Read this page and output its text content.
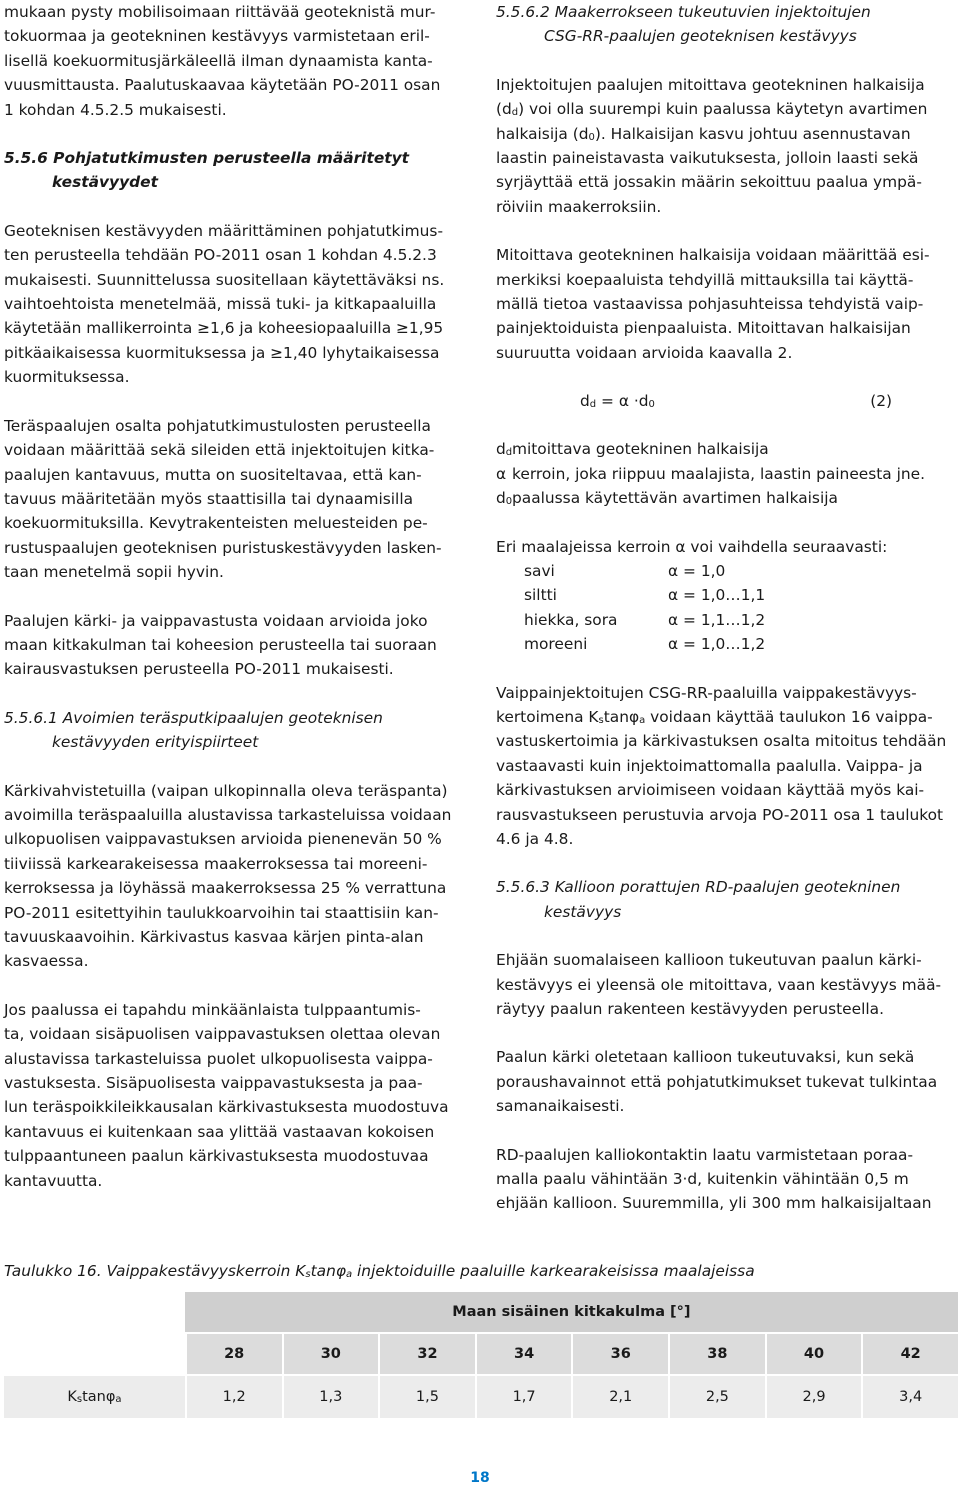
mukaan pysty mobilisoimaan riittävää geoteknistä mur-

tokuormaa ja geotekninen kestävyys varmistetaan eril-

lisellä koekuormitusjärkäleellä ilman dynaamista kanta-

vuusmittausta. Paalutuskaavaa käytetään PO-2011 osan

1 kohdan 4.5.2.5 mukaisesti.

5.5.6 Pohjatutkimusten perusteella määritetyt

kestävyydet

Geoteknisen kestävyyden määrittäminen pohjatutkimus-

ten perusteella tehdään PO-2011 osan 1 kohdan 4.5.2.3

mukaisesti. Suunnittelussa suositellaan käytettäväksi ns.

vaihtoehtoista menetelmää, missä tuki- ja kitkapaaluilla

käytetään mallikerrointa ≥1,6 ja koheesiopaaluilla ≥1,95

pitkäaikaisessa kuormituksessa ja ≥1,40 lyhytaikaisessa

kuormituksessa.

Teräspaalujen osalta pohjatutkimustulosten perusteella

voidaan määrittää sekä sileiden että injektoitujen kitka-

paalujen kantavuus, mutta on suositeltavaa, että kan-

tavuus määritetään myös staattisilla tai dynaamisilla

koekuormituksilla. Kevytrakenteisten meluesteiden pe-

rustuspaalujen geoteknisen puristuskestävyyden lasken-

taan menetelmä sopii hyvin.

Paalujen kärki- ja vaippavastusta voidaan arvioida joko

maan kitkakulman tai koheesion perusteella tai suoraan

kairausvastuksen perusteella PO-2011 mukaisesti.

5.5.6.1 Avoimien teräsputkipaalujen geoteknisen

kestävyyden erityispiirteet

Kärkivahvistetuilla (vaipan ulkopinnalla oleva teräspanta)

avoimilla teräspaaluilla alustavissa tarkasteluissa voidaan

ulkopuolisen vaippavastuksen arvioida pienenevän 50 %

tiiviissä karkearakeisessa maakerroksessa tai moreeni-

kerroksessa ja löyhässä maakerroksessa 25 % verrattuna

PO-2011 esitettyihin taulukkoarvoihin tai staattisiin kan-

tavuuskaavoihin. Kärkivastus kasvaa kärjen pinta-alan

kasvaessa.

Jos paalussa ei tapahdu minkäänlaista tulppaantumis-

ta, voidaan sisäpuolisen vaippavastuksen olettaa olevan

alustavissa tarkasteluissa puolet ulkopuolisesta vaippa-

vastuksesta. Sisäpuolisesta vaippavastuksesta ja paa-

lun teräspoikkileikkausalan kärkivastuksesta muodostuva

kantavuus ei kuitenkaan saa ylittää vastaavan kokoisen

tulppaantuneen paalun kärkivastuksesta muodostuvaa

kantavuutta.

5.5.6.2 Maakerrokseen tukeutuvien injektoitujen

CSG-RR-paalujen geoteknisen kestävyys

Injektoitujen paalujen mitoittava geotekninen halkaisija

$(d_d)$ voi olla suurempi kuin paalussa käytetyn avartimen

halkaisija $(d_0)$. Halkaisijan kasvu johtuu asennustavan

laastin paineistavasta vaikutuksesta, jolloin laasti sekä

syrjäyttää että jossakin määrin sekoittuu paalua ympä-

röiviin maakerroksiin.

Mitoittava geotekninen halkaisija voidaan määrittää esi-

merkiksi koepaaluista tehdyillä mittauksilla tai käyttä-

mällä tietoa vastaavissa pohjasuhteissa tehdyistä vaip-

painjektoiduista pienpaaluista. Mitoittavan halkaisijan

suuruutta voidaan arvioida kaavalla 2.

$d_d = \alpha \cdot d_0$	(2)
$d_d$ mitoittava geotekninen halkaisija
α kerroin, joka riippuu maalajista, laastin paineesta jne.
$d_0$ paalussa käytettävän avartimen halkaisija

Eri maalajeissa kerroin α voi vaihdella seuraavasti:

savi	α = 1,0
siltti	α = 1,0…1,1
hiekka, sora	α = 1,1…1,2
moreeni	α = 1,0…1,2

Vaippainjektoitujen CSG-RR-paaluilla vaippakestävyys-

kertoimena $K_s\tan\varphi_a$ voidaan käyttää taulukon 16 vaippa-

vastuskertoimia ja kärkivastuksen osalta mitoitus tehdään

vastaavasti kuin injektoimattomalla paalulla. Vaippa- ja

kärkivastuksen arvioimiseen voidaan käyttää myös kai-

rausvastukseen perustuvia arvoja PO-2011 osa 1 taulukot

4.6 ja 4.8.

5.5.6.3 Kallioon porattujen RD-paalujen geotekninen

kestävyys

Ehjään suomalaiseen kallioon tukeutuvan paalun kärki-

kestävyys ei yleensä ole mitoittava, vaan kestävyys mää-

räytyy paalun rakenteen kestävyyden perusteella.

Paalun kärki oletetaan kallioon tukeutuvaksi, kun sekä

poraushavainnot että pohjatutkimukset tukevat tulkintaa

samanaikaisesti.

RD-paalujen kalliokontaktin laatu varmistetaan poraa-

malla paalu vähintään 3·d, kuitenkin vähintään 0,5 m

ehjään kallioon. Suuremmilla, yli 300 mm halkaisijaltaan

Taulukko 16. Vaippakestävyyskerroin $K_s\tan\varphi_a$ injektoiduille paaluille karkearakeisissa maalajeissa
	Maan sisäinen kitkakulma [°]							
	28	30	32	34	36	38	40	42
$K_s\tan\varphi_a$	1,2	1,3	1,5	1,7	2,1	2,5	2,9	3,4
18
